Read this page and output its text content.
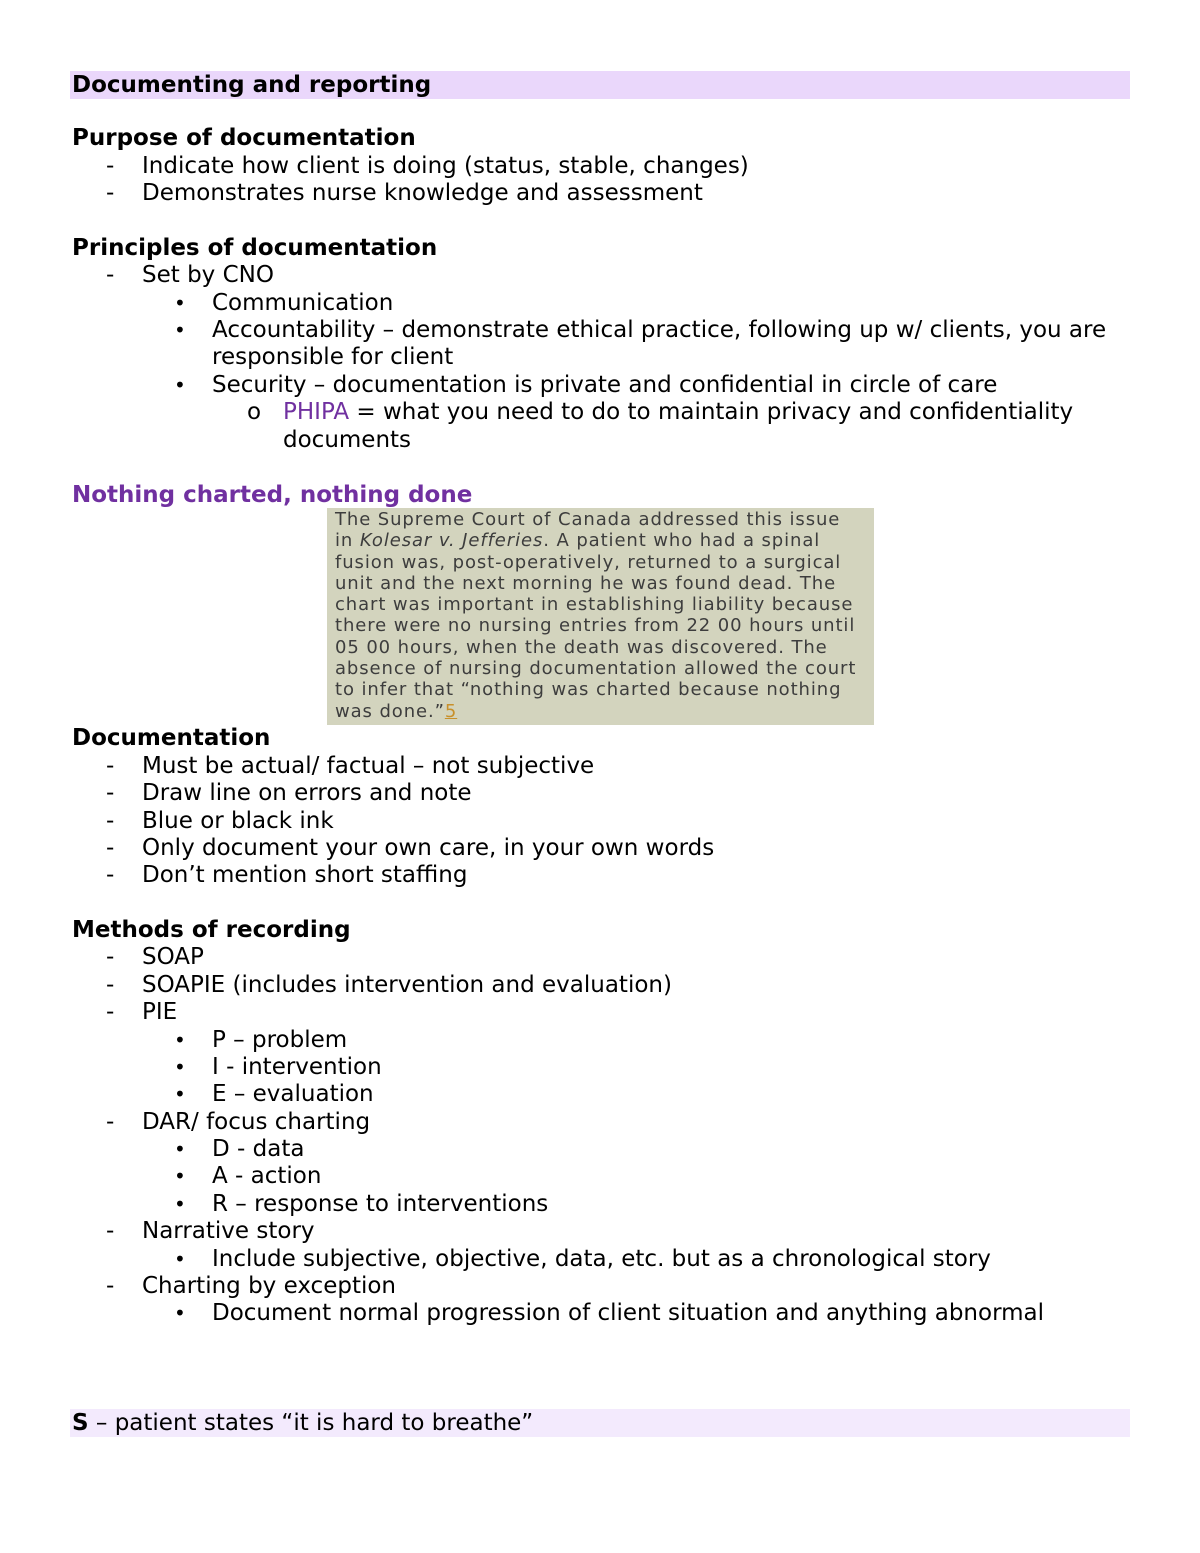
Documenting and reporting
Purpose of documentation
- Indicate how client is doing (status, stable, changes)
- Demonstrates nurse knowledge and assessment
Principles of documentation
- Set by CNO
• Communication
• Accountability – demonstrate ethical practice, following up w/ clients, you are
responsible for client
• Security – documentation is private and confidential in circle of care
o PHIPA = what you need to do to maintain privacy and confidentiality
documents
Nothing charted, nothing done
The Supreme Court of Canada addressed this issue
in Kolesar v. Jefferies. A patient who had a spinal
fusion was, post-operatively, returned to a surgical
unit and the next morning he was found dead. The
chart was important in establishing liability because
there were no nursing entries from 22 00 hours until
05 00 hours, when the death was discovered. The
absence of nursing documentation allowed the court
to infer that “nothing was charted because nothing
was done.”5
Documentation
- Must be actual/ factual – not subjective
- Draw line on errors and note
- Blue or black ink
- Only document your own care, in your own words
- Don’t mention short staffing
Methods of recording
- SOAP
- SOAPIE (includes intervention and evaluation)
- PIE
• P – problem
• I - intervention
• E – evaluation
- DAR/ focus charting
• D - data
• A - action
• R – response to interventions
- Narrative story
• Include subjective, objective, data, etc. but as a chronological story
- Charting by exception
• Document normal progression of client situation and anything abnormal
S – patient states “it is hard to breathe”
